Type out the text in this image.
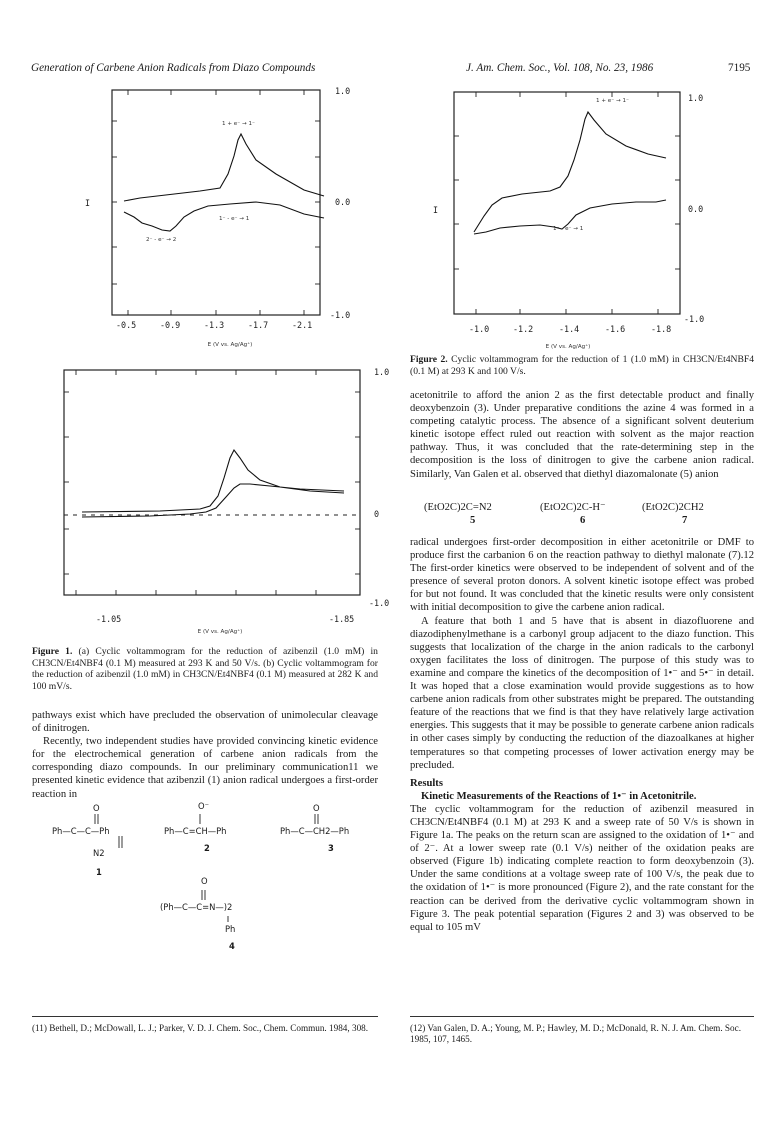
Generation of Carbene Anion Radicals from Diazo Compounds	J. Am. Chem. Soc., Vol. 108, No. 23, 1986	7195
1.0
0.0
-1.0
I
-0.5	-0.9	-1.3	-1.7	-2.1
E (V vs. Ag/Ag⁺)
1 + e⁻ → 1⁻
1⁻ - e⁻ → 1
2⁻ - e⁻ → 2
1.0
0
-1.0
-1.05	-1.85
E (V vs. Ag/Ag⁺)
Figure 1. (a) Cyclic voltammogram for the reduction of azibenzil (1.0 mM) in CH3CN/Et4NBF4 (0.1 M) measured at 293 K and 50 V/s. (b) Cyclic voltammogram for the reduction of azibenzil (1.0 mM) in CH3CN/Et4NBF4 (0.1 M) measured at 282 K and 100 mV/s.

pathways exist which have precluded the observation of unimolecular cleavage of dinitrogen.

Recently, two independent studies have provided convincing kinetic evidence for the electrochemical generation of carbene anion radicals from the corresponding diazo compounds. In our preliminary communication11 we presented kinetic evidence that azibenzil (1) anion radical undergoes a first-order reaction in

O
Ph—C—C—Ph
N2
1
O⁻
Ph—C=CH—Ph
2
O
Ph—C—CH2—Ph
3
O
(Ph—C—C=N—)2
Ph
4
1.0
0.0
-1.0
I
-1.0	-1.2	-1.4	-1.6	-1.8
E (V vs. Ag/Ag⁺)
1 + e⁻ → 1⁻
1⁻ - e⁻ → 1
Figure 2. Cyclic voltammogram for the reduction of 1 (1.0 mM) in CH3CN/Et4NBF4 (0.1 M) at 293 K and 100 V/s.

acetonitrile to afford the anion 2 as the first detectable product and finally deoxybenzoin (3). Under preparative conditions the azine 4 was formed in a competing catalytic process. The absence of a significant solvent deuterium kinetic isotope effect ruled out reaction with solvent as the major reaction pathway. Thus, it was concluded that the rate-determining step in the decomposition is the loss of dinitrogen to give the carbene anion radical. Similarly, Van Galen et al. observed that diethyl diazomalonate (5) anion

(EtO2C)2C=N2	(EtO2C)2C-H⁻	(EtO2C)2CH2
5	6	7

radical undergoes first-order decomposition in either acetonitrile or DMF to produce first the carbanion 6 on the reaction pathway to diethyl malonate (7).12 The first-order kinetics were observed to be independent of solvent and of the presence of several proton donors. A solvent kinetic isotope effect was probed for but not found. It was concluded that the kinetic results were only consistent with initial decomposition to give the carbene anion radical.

A feature that both 1 and 5 have that is absent in diazofluorene and diazodiphenylmethane is a carbonyl group adjacent to the diazo function. This suggests that localization of the charge in the anion radicals to the carbonyl oxygen facilitates the loss of dinitrogen. The purpose of this study was to examine and compare the kinetics of the decomposition of 1•⁻ and 5•⁻ in detail. It was hoped that a close examination would provide suggestions as to how carbene anion radicals from other substrates might be prepared. The outstanding feature of the reactions that we find is that they have relatively large activation energies. This suggests that it may be possible to generate carbene anion radicals in other cases simply by conducting the reduction of the diazoalkanes at higher temperatures so that competing processes of lower activation energy may be precluded.

Results

Kinetic Measurements of the Reactions of 1•⁻ in Acetonitrile.

The cyclic voltammogram for the reduction of azibenzil measured in CH3CN/Et4NBF4 (0.1 M) at 293 K and a sweep rate of 50 V/s is shown in Figure 1a. The peaks on the return scan are assigned to the oxidation of 1•⁻ and of 2⁻. At a lower sweep rate (0.1 V/s) neither of the oxidation peaks are observed (Figure 1b) indicating complete reaction to form deoxybenzoin (3). Under the same conditions at a voltage sweep rate of 100 V/s, the peak due to the oxidation of 1•⁻ is more pronounced (Figure 2), and the rate constant for the reaction can be derived from the derivative cyclic voltammogram shown in Figure 3. The peak potential separation (Figures 2 and 3) was observed to be equal to 105 mV

(11) Bethell, D.; McDowall, L. J.; Parker, V. D. J. Chem. Soc., Chem. Commun. 1984, 308.	(12) Van Galen, D. A.; Young, M. P.; Hawley, M. D.; McDonald, R. N. J. Am. Chem. Soc. 1985, 107, 1465.
